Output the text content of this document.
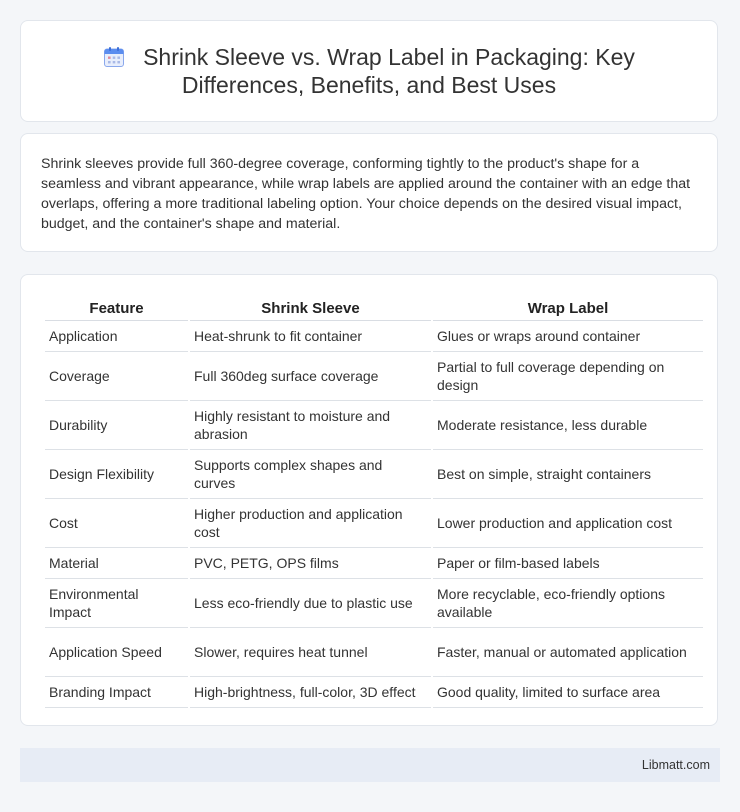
Shrink Sleeve vs. Wrap Label in Packaging: Key Differences, Benefits, and Best Uses

Shrink sleeves provide full 360-degree coverage, conforming tightly to the product's shape for a seamless and vibrant appearance, while wrap labels are applied around the container with an edge that overlaps, offering a more traditional labeling option. Your choice depends on the desired visual impact, budget, and the container's shape and material.

Feature	Shrink Sleeve	Wrap Label
Application	Heat-shrunk to fit container	Glues or wraps around container
Coverage	Full 360deg surface coverage	Partial to full coverage depending on design
Durability	Highly resistant to moisture and abrasion	Moderate resistance, less durable
Design Flexibility	Supports complex shapes and curves	Best on simple, straight containers
Cost	Higher production and application cost	Lower production and application cost
Material	PVC, PETG, OPS films	Paper or film-based labels
Environmental Impact	Less eco-friendly due to plastic use	More recyclable, eco-friendly options available
Application Speed	Slower, requires heat tunnel	Faster, manual or automated application
Branding Impact	High-brightness, full-color, 3D effect	Good quality, limited to surface area
Libmatt.com
